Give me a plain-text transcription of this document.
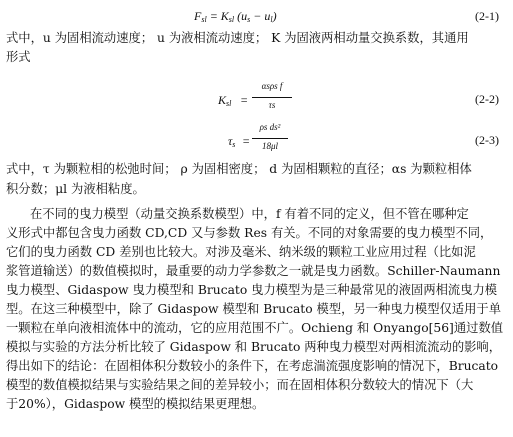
$F_{sl} = K_{sl}$ $(u_s - u_l)$	(2-1)
式中，u 为固相流动速度； u 为液相流动速度； K 为固液两相动量交换系数，其通用
形式
$K_{sl}$ =
αsρs f
τs	(2-2)
$\tau_s$ =
ρs ds²
18μl	(2-3)
式中，τ 为颗粒相的松弛时间； ρ 为固相密度； d 为固相颗粒的直径；αs 为颗粒相体
积分数；μl 为液相粘度。
在不同的曳力模型（动量交换系数模型）中，f 有着不同的定义，但不管在哪种定
义形式中都包含曳力函数 CD,CD 又与参数 Res 有关。不同的对象需要的曳力模型不同，
它们的曳力函数 CD 差别也比较大。对涉及毫米、纳米级的颗粒工业应用过程（比如泥
浆管道输送）的数值模拟时，最重要的动力学参数之一就是曳力函数。Schiller-Naumann
曳力模型、Gidaspow 曳力模型和 Brucato 曳力模型为是三种最常见的液固两相流曳力模
型。在这三种模型中，除了 Gidaspow 模型和 Brucato 模型，另一种曳力模型仅适用于单
一颗粒在单向液相流体中的流动，它的应用范围不广。Ochieng 和 Onyango[56]通过数值
模拟与实验的方法分析比较了 Gidaspow 和 Brucato 两种曳力模型对两相流流动的影响，
得出如下的结论：在固相体积分数较小的条件下，在考虑湍流强度影响的情况下，Brucato
模型的数值模拟结果与实验结果之间的差异较小；而在固相体积分数较大的情况下（大
于20%），Gidaspow 模型的模拟结果更理想。
